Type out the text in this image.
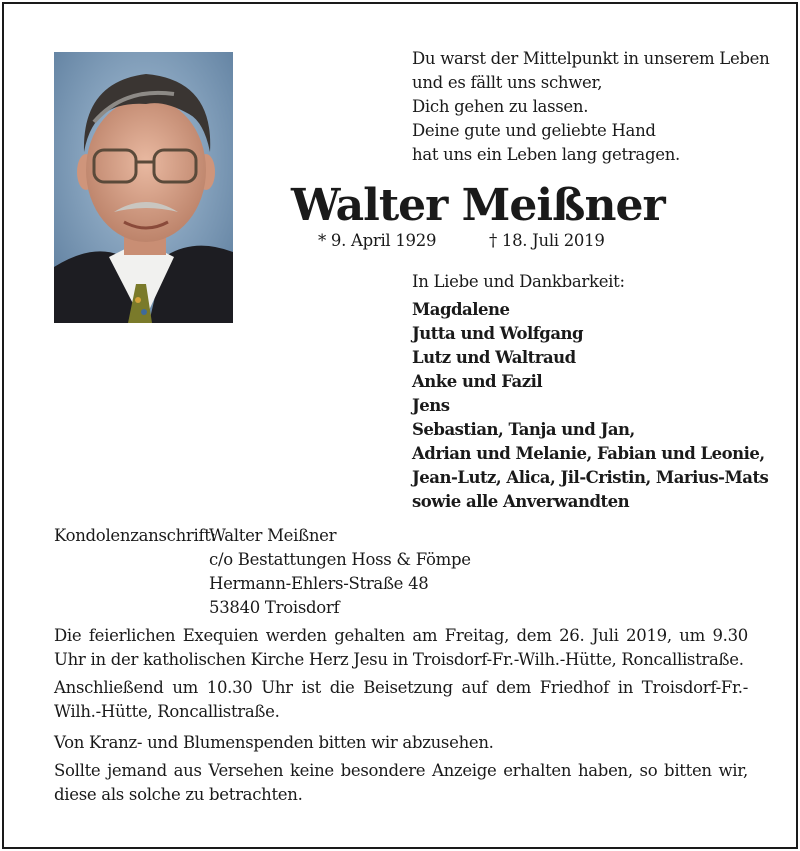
Du warst der Mittelpunkt in unserem Leben
und es fällt uns schwer,
Dich gehen zu lassen.
Deine gute und geliebte Hand
hat uns ein Leben lang getragen.
Walter Meißner
* 9. April 1929	† 18. Juli 2019
In Liebe und Dankbarkeit:
Magdalene
Jutta und Wolfgang
Lutz und Waltraud
Anke und Fazil
Jens
Sebastian, Tanja und Jan,
Adrian und Melanie, Fabian und Leonie,
Jean-Lutz, Alica, Jil-Cristin, Marius-Mats
sowie alle Anverwandten
Kondolenzanschrift:
Walter Meißner
c/o Bestattungen Hoss & Fömpe
Hermann-Ehlers-Straße 48
53840 Troisdorf
Die feierlichen Exequien werden gehalten am Freitag, dem 26. Juli 2019, um 9.30 Uhr in der katholischen Kirche Herz Jesu in Troisdorf-Fr.-Wilh.-Hütte, Roncallistraße.
Anschließend um 10.30 Uhr ist die Beisetzung auf dem Friedhof in Troisdorf-Fr.-Wilh.-Hütte, Roncallistraße.
Von Kranz- und Blumenspenden bitten wir abzusehen.
Sollte jemand aus Versehen keine besondere Anzeige erhalten haben, so bitten wir, diese als solche zu betrachten.
